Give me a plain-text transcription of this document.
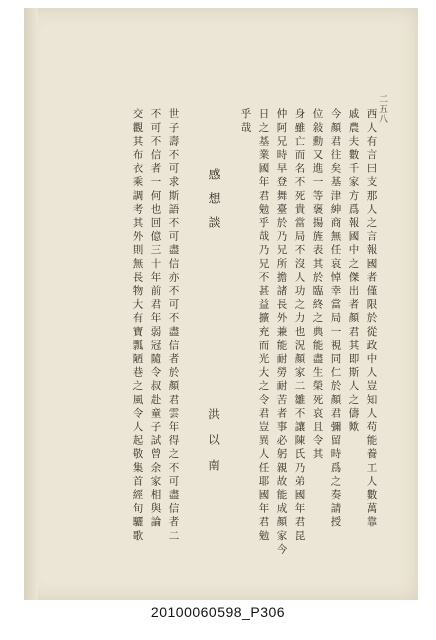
二五八
西人有言曰支那人之言報國者僅限於從政中人豈知人苟能養工人數萬靠
戚農夫數千家方爲報國中之傑出者顏君其即斯人之儔歟
今顏君往矣基津紳商無任哀悼幸當局一視同仁於顏君彌留時爲之奏請授
位敍勳又進一等褒揚旌表其於臨終之典能盡生榮死哀且令其
身雖亡而名不死貴當局不沒人功之力也況顏家二雛不讓陳氏乃弟國年君昆
仲阿兄時早登舞臺於乃兄所擔諸長外兼能耐勞耐苦者事必躬親故能成顏家今
日之基業國年君勉乎哉乃兄不甚益擴充而光大之令君豈異人任耶國年君勉
乎哉
感想談
洪以南
世子壽不可求斯語不可盡信亦不可不盡信者於顏君雲年得之不可盡信者二
不可不信者一何也回億三十年前君年弱冠隨令叔赴童子試曾余家相與論
交觀其布衣乘調考其外則無長物大有寶瓢陋巷之風令人起敬集首經旬驪歌
20100060598_P306
